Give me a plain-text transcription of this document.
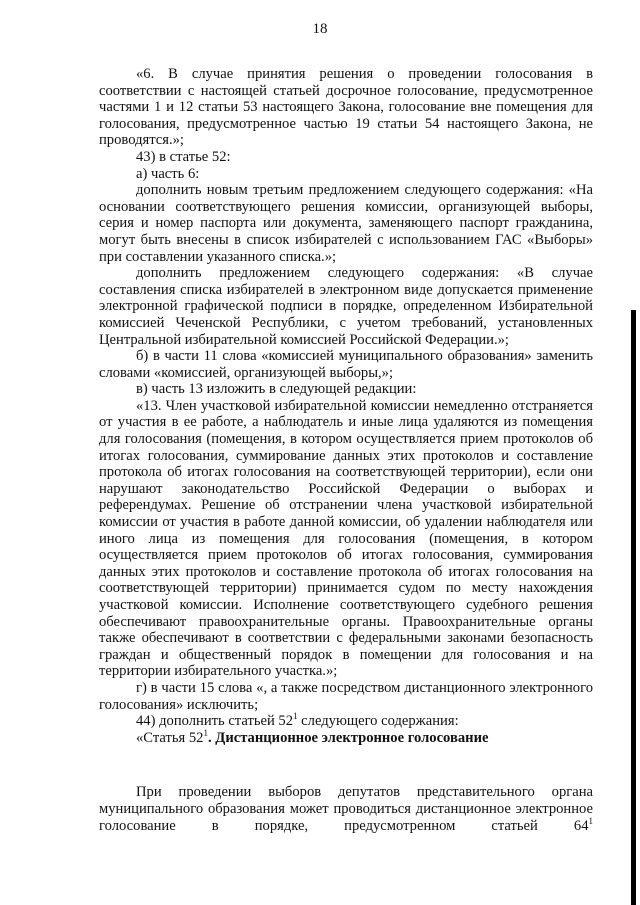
18

«6. В случае принятия решения о проведении голосования в соответствии с настоящей статьей досрочное голосование, предусмотренное частями 1 и 12 статьи 53 настоящего Закона, голосование вне помещения для голосования, предусмотренное частью 19 статьи 54 настоящего Закона, не проводятся.»;

43) в статье 52:

а) часть 6:

дополнить новым третьим предложением следующего содержания: «На основании соответствующего решения комиссии, организующей выборы, серия и номер паспорта или документа, заменяющего паспорт гражданина, могут быть внесены в список избирателей с использованием ГАС «Выборы» при составлении указанного списка.»;

дополнить предложением следующего содержания: «В случае составления списка избирателей в электронном виде допускается применение электронной графической подписи в порядке, определенном Избирательной комиссией Чеченской Республики, с учетом требований, установленных Центральной избирательной комиссией Российской Федерации.»;

б) в части 11 слова «комиссией муниципального образования» заменить словами «комиссией, организующей выборы,»;

в) часть 13 изложить в следующей редакции:

«13. Член участковой избирательной комиссии немедленно отстраняется от участия в ее работе, а наблюдатель и иные лица удаляются из помещения для голосования (помещения, в котором осуществляется прием протоколов об итогах голосования, суммирование данных этих протоколов и составление протокола об итогах голосования на соответствующей территории), если они нарушают законодательство Российской Федерации о выборах и референдумах. Решение об отстранении члена участковой избирательной комиссии от участия в работе данной комиссии, об удалении наблюдателя или иного лица из помещения для голосования (помещения, в котором осуществляется прием протоколов об итогах голосования, суммирования данных этих протоколов и составление протокола об итогах голосования на соответствующей территории) принимается судом по месту нахождения участковой комиссии. Исполнение соответствующего судебного решения обеспечивают правоохранительные органы. Правоохранительные органы также обеспечивают в соответствии с федеральными законами безопасность граждан и общественный порядок в помещении для голосования и на территории избирательного участка.»;

г) в части 15 слова «, а также посредством дистанционного электронного голосования» исключить;

44) дополнить статьей $52^1$ следующего содержания:

«Статья $52^1$. Дистанционное электронное голосование

При проведении выборов депутатов представительного органа муниципального образования может проводиться дистанционное электронное голосование в порядке, предусмотренном статьей $64^1$
